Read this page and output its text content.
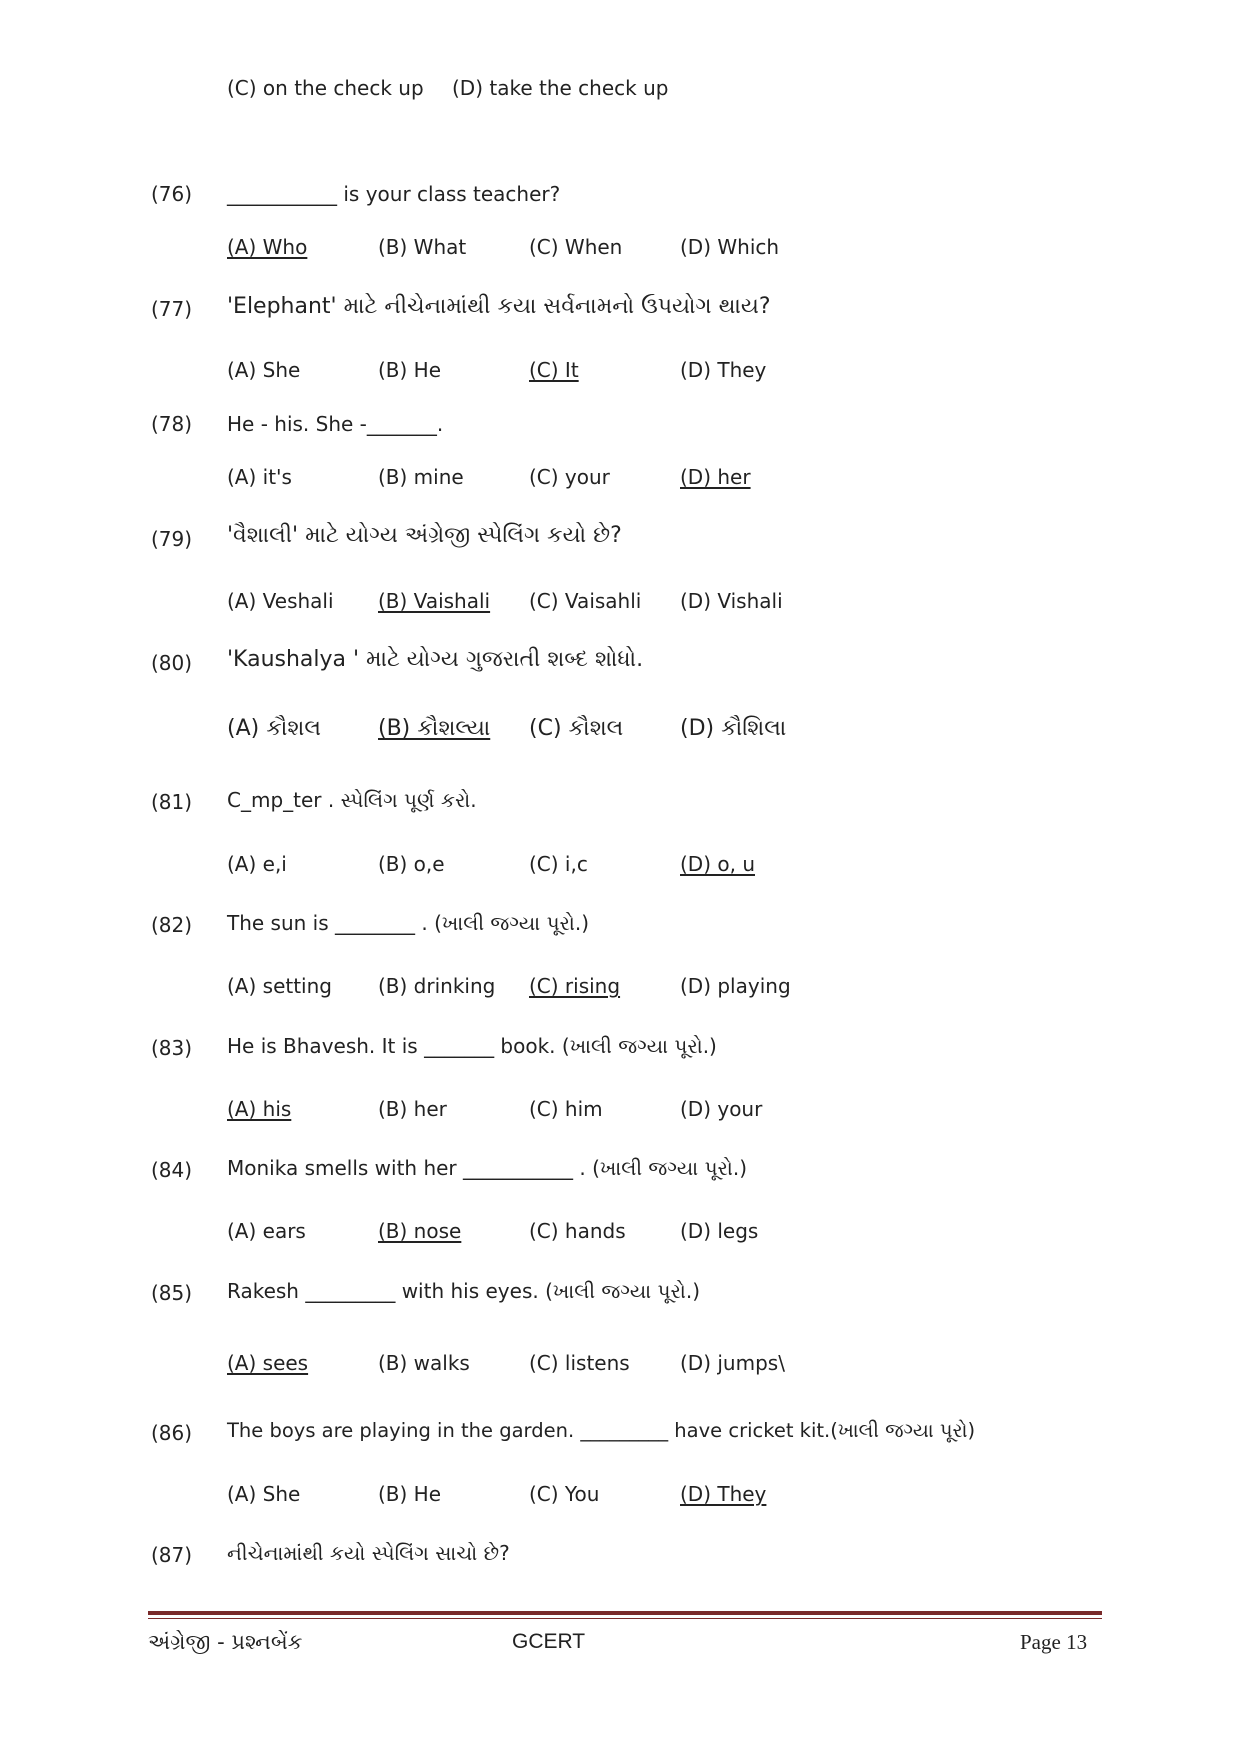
(C) on the check up (D) take the check up
(76) ___________ is your class teacher?
(A) Who	(B) What	(C) When	(D) Which
(77) 'Elephant' માટે નીચેનામાંથી કયા સર્વનામનો ઉપયોગ થાય?
(A) She	(B) He	(C) It	(D) They
(78) He - his. She -_______.
(A) it's	(B) mine	(C) your	(D) her
(79) 'વૈશાલી' માટે યોગ્ય અંગ્રેજી સ્પેલિંગ કયો છે?
(A) Veshali (B) Vaishali (C) Vaisahli (D) Vishali
(80) 'Kaushalya ' માટે યોગ્ય ગુજરાતી શબ્દ શોધો.
(A) કૌશલ	(B) કૌશલ્યા (C) કૌશલ	(D) કૌશિલા
(81) C_mp_ter . સ્પેલિંગ પૂર્ણ કરો.
(A) e,i	(B) o,e	(C) i,c	(D) o, u
(82) The sun is ________ . (ખાલી જગ્યા પૂરો.)
(A) setting (B) drinking (C) rising	(D) playing
(83) He is Bhavesh. It is _______ book. (ખાલી જગ્યા પૂરો.)
(A) his	(B) her	(C) him	(D) your
(84) Monika smells with her ___________ . (ખાલી જગ્યા પૂરો.)
(A) ears	(B) nose	(C) hands	(D) legs
(85) Rakesh _________ with his eyes. (ખાલી જગ્યા પૂરો.)
(A) sees	(B) walks	(C) listens	(D) jumps\
(86) The boys are playing in the garden. _________ have cricket kit.(ખાલી જગ્યા પૂરો)
(A) She	(B) He	(C) You	(D) They
(87) નીચેનામાંથી કયો સ્પેલિંગ સાચો છે?
અંગ્રેજી - પ્રશ્નબેંક	GCERT	Page 13
